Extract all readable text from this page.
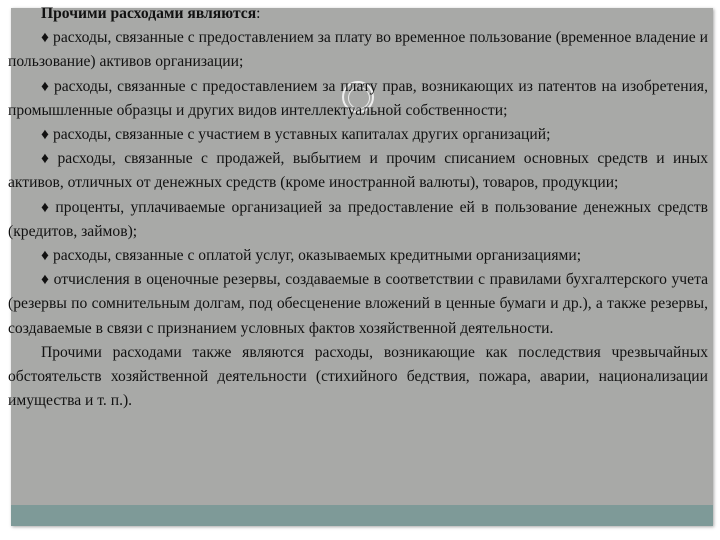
Прочими расходами являются:

♦ расходы, связанные с предоставлением за плату во временное пользование (временное владение и пользование) активов организации;

♦ расходы, связанные с предоставлением за плату прав, возникающих из патентов на изобретения, промышленные образцы и других видов интеллектуальной собственности;

♦ расходы, связанные с участием в уставных капиталах других организаций;

♦ расходы, связанные с продажей, выбытием и прочим списанием основных средств и иных активов, отличных от денежных средств (кроме иностранной валюты), товаров, продукции;

♦ проценты, уплачиваемые организацией за предоставление ей в пользование денежных средств (кредитов, займов);

♦ расходы, связанные с оплатой услуг, оказываемых кредитными организациями;

♦ отчисления в оценочные резервы, создаваемые в соответствии с правилами бухгалтерского учета (резервы по сомнительным долгам, под обесценение вложений в ценные бумаги и др.), а также резервы, создаваемые в связи с признанием условных фактов хозяйственной деятельности.

Прочими расходами также являются расходы, возникающие как последствия чрезвычайных обстоятельств хозяйственной деятельности (стихийного бедствия, пожара, аварии, национализации имущества и т. п.).
